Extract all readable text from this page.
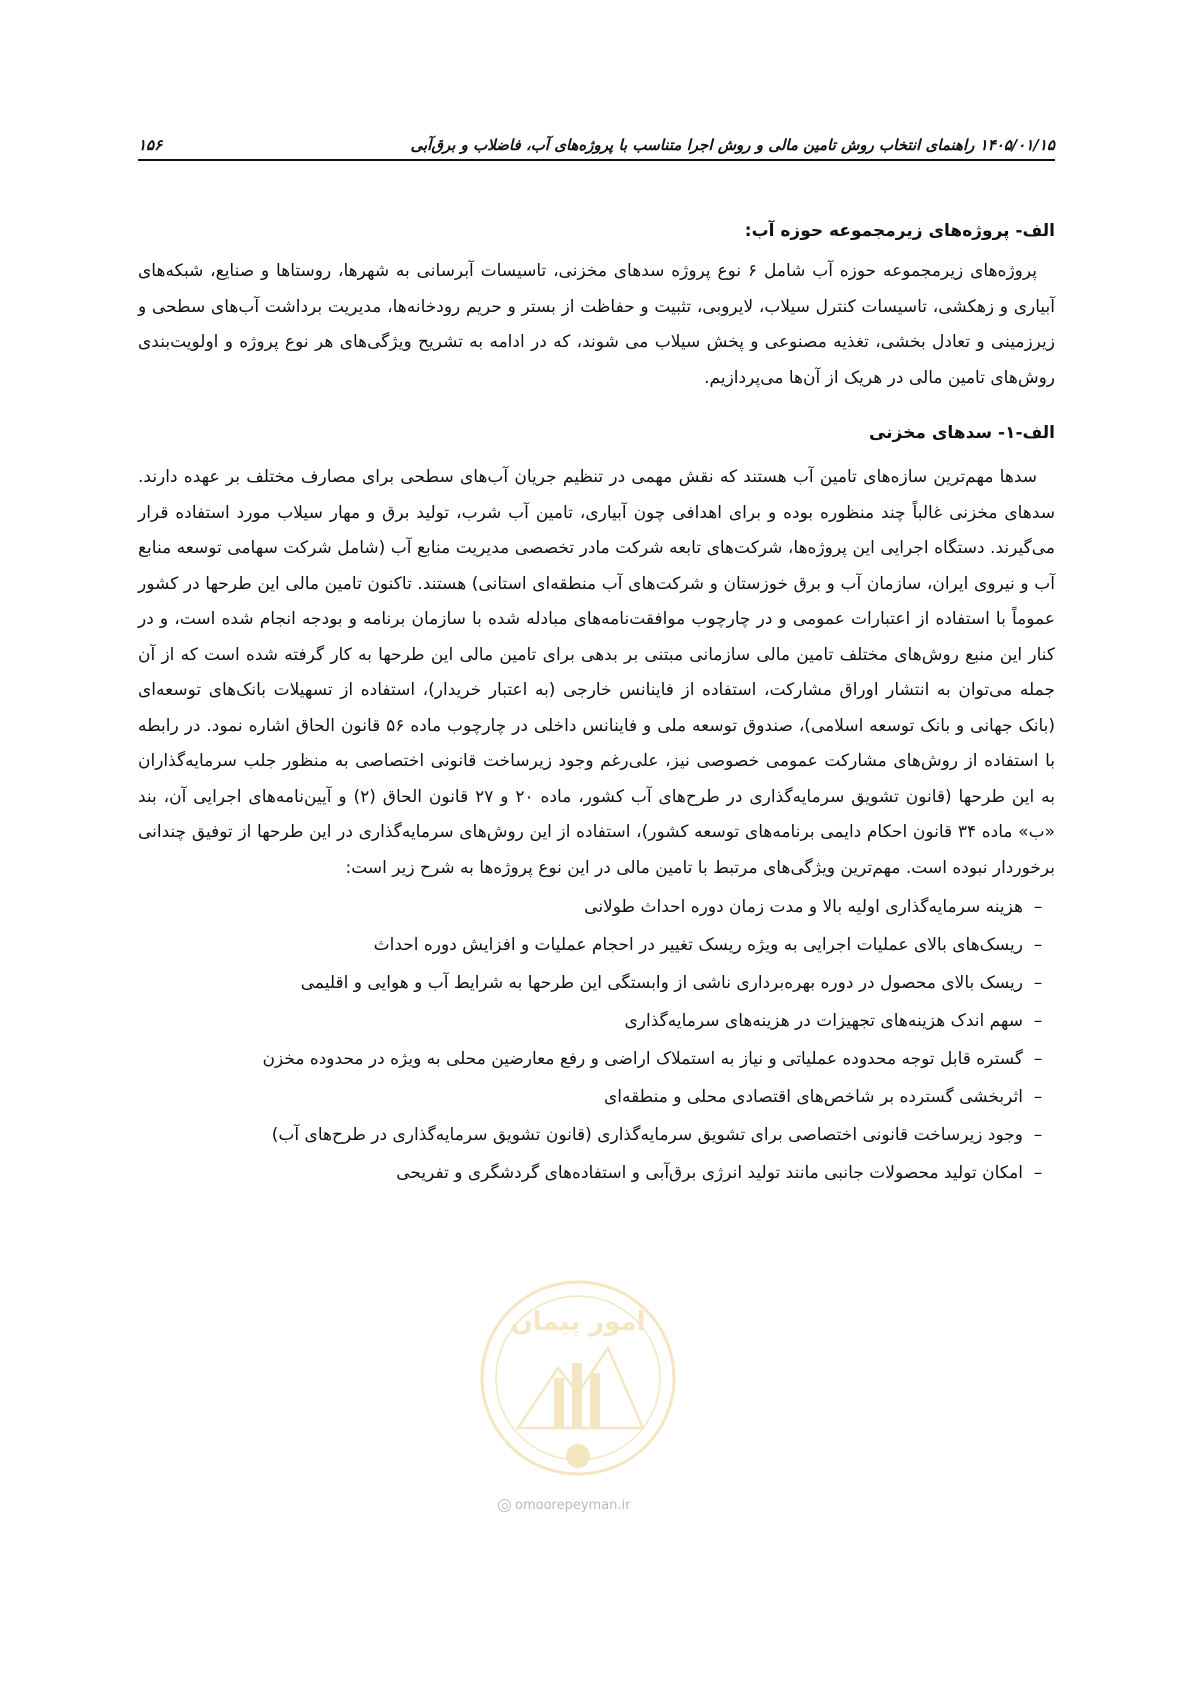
۱۴۰۵/۰۱/۱۵ راهنمای انتخاب روش تامین مالی و روش اجرا متناسب با پروژه‌های آب، فاضلاب و برق‌آبی
۱۵۶
الف- پروژه‌های زیرمجموعه حوزه آب:

پروژه‌های زیرمجموعه حوزه آب شامل ۶ نوع پروژه سدهای مخزنی، تاسیسات آبرسانی به شهرها، روستاها و صنایع، شبکه‌های آبیاری و زهکشی، تاسیسات کنترل سیلاب، لایروبی، تثبیت و حفاظت از بستر و حریم رودخانه‌ها، مدیریت برداشت آب‌های سطحی و زیرزمینی و تعادل بخشی، تغذیه مصنوعی و پخش سیلاب می شوند، که در ادامه به تشریح ویژگی‌های هر نوع پروژه و اولویت‌بندی روش‌های تامین مالی در هریک از آن‌ها می‌پردازیم.

الف-۱- سدهای مخزنی

سدها مهم‌ترین سازه‌های تامین آب هستند که نقش مهمی در تنظیم جریان آب‌های سطحی برای مصارف مختلف بر عهده دارند. سدهای مخزنی غالباً چند منظوره بوده و برای اهدافی چون آبیاری، تامین آب شرب، تولید برق و مهار سیلاب مورد استفاده قرار می‌گیرند. دستگاه اجرایی این پروژه‌ها، شرکت‌های تابعه شرکت مادر تخصصی مدیریت منابع آب (شامل شرکت سهامی توسعه منابع آب و نیروی ایران، سازمان آب و برق خوزستان و شرکت‌های آب منطقه‌ای استانی) هستند. تاکنون تامین مالی این طرحها در کشور عموماً با استفاده از اعتبارات عمومی و در چارچوب موافقت‌نامه‌های مبادله شده با سازمان برنامه و بودجه انجام شده است، و در کنار این منبع روش‌های مختلف تامین مالی سازمانی مبتنی بر بدهی برای تامین مالی این طرحها به کار گرفته شده است که از آن جمله می‌توان به انتشار اوراق مشارکت، استفاده از فاینانس خارجی (به اعتبار خریدار)، استفاده از تسهیلات بانک‌های توسعه‌ای (بانک جهانی و بانک توسعه اسلامی)، صندوق توسعه ملی و فاینانس داخلی در چارچوب ماده ۵۶ قانون الحاق اشاره نمود. در رابطه با استفاده از روش‌های مشارکت عمومی خصوصی نیز، علی‌رغم وجود زیرساخت قانونی اختصاصی به منظور جلب سرمایه‌گذاران به این طرحها (قانون تشویق سرمایه‌گذاری در طرح‌های آب کشور، ماده ۲۰ و ۲۷ قانون الحاق (۲) و آیین‌نامه‌های اجرایی آن، بند «ب» ماده ۳۴ قانون احکام دایمی برنامه‌های توسعه کشور)، استفاده از این روش‌های سرمایه‌گذاری در این طرحها از توفیق چندانی برخوردار نبوده است. مهم‌ترین ویژگی‌های مرتبط با تامین مالی در این نوع پروژه‌ها به شرح زیر است:

–
هزینه سرمایه‌گذاری اولیه بالا و مدت زمان دوره احداث طولانی
–
ریسک‌های بالای عملیات اجرایی به ویژه ریسک تغییر در احجام عملیات و افزایش دوره احداث
–
ریسک بالای محصول در دوره بهره‌برداری ناشی از وابستگی این طرحها به شرایط آب و هوایی و اقلیمی
–
سهم اندک هزینه‌های تجهیزات در هزینه‌های سرمایه‌گذاری
–
گستره قابل توجه محدوده عملیاتی و نیاز به استملاک اراضی و رفع معارضین محلی به ویژه در محدوده مخزن
–
اثربخشی گسترده بر شاخص‌های اقتصادی محلی و منطقه‌ای
–
وجود زیرساخت قانونی اختصاصی برای تشویق سرمایه‌گذاری (قانون تشویق سرمایه‌گذاری در طرح‌های آب)
–
امکان تولید محصولات جانبی مانند تولید انرژی برق‌آبی و استفاده‌های گردشگری و تفریحی
امور پیمان
omoorepeyman.ir
